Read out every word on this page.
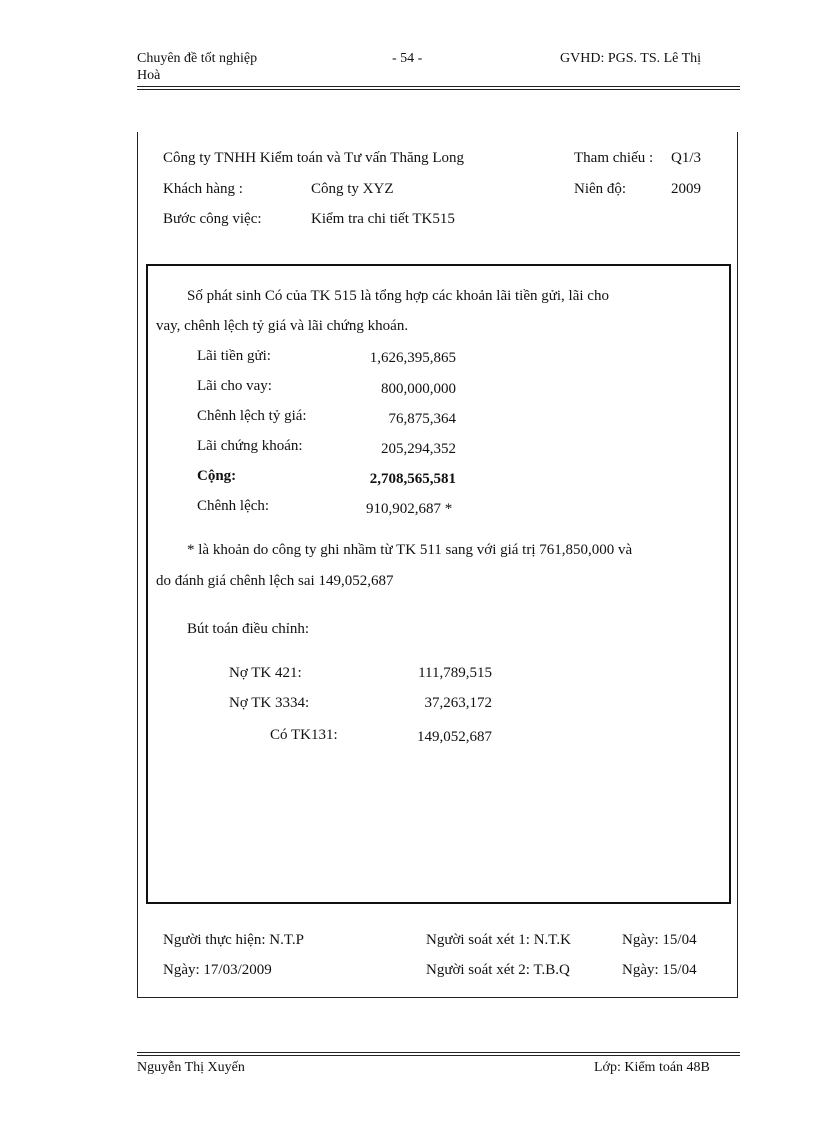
Chuyên đề tốt nghiệp
Hoà
- 54 -	GVHD: PGS. TS. Lê Thị
Công ty TNHH Kiểm toán và Tư vấn Thăng Long	Tham chiếu : Q1/3
Khách hàng :	Công ty XYZ	Niên độ:	2009
Bước công việc:	Kiểm tra chi tiết TK515
Số phát sinh Có của TK 515 là tổng hợp các khoản lãi tiền gửi, lãi cho
vay, chênh lệch tỷ giá và lãi chứng khoán.
Lãi tiền gửi:	1,626,395,865
Lãi cho vay:	800,000,000
Chênh lệch tỷ giá:	76,875,364
Lãi chứng khoán:	205,294,352
Cộng:	2,708,565,581
Chênh lệch:	910,902,687 *
* là khoản do công ty ghi nhầm từ TK 511 sang với giá trị 761,850,000 và
do đánh giá chênh lệch sai 149,052,687
Bút toán điều chỉnh:
Nợ TK 421:	111,789,515
Nợ TK 3334:	37,263,172
Có TK131:	149,052,687
Người thực hiện: N.T.P	Người soát xét 1: N.T.K	Ngày: 15/04
Ngày: 17/03/2009	Người soát xét 2: T.B.Q	Ngày: 15/04
Nguyễn Thị Xuyến	Lớp: Kiểm toán 48B
